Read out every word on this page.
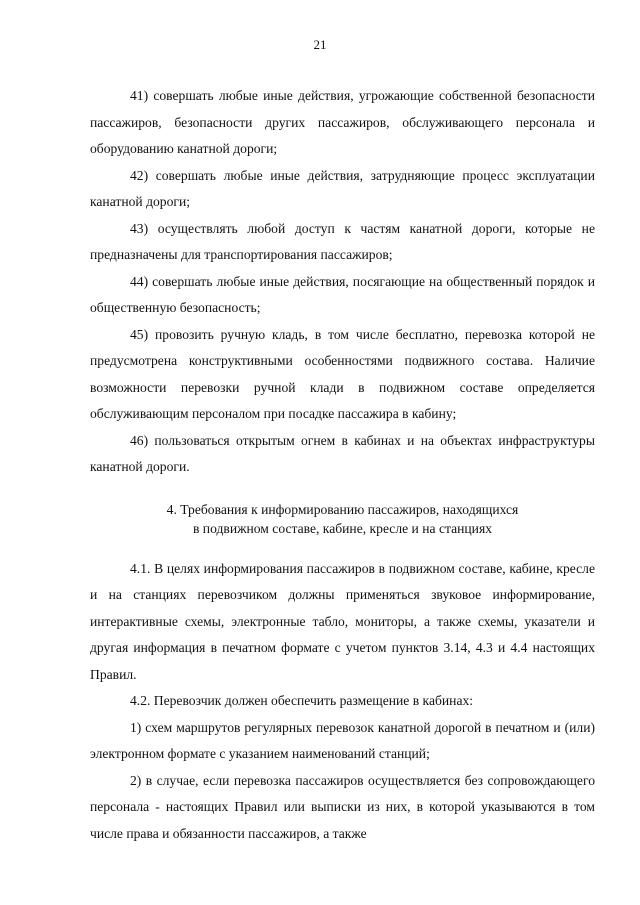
21

41) совершать любые иные действия, угрожающие собственной безопасности пассажиров, безопасности других пассажиров, обслуживающего персонала и оборудованию канатной дороги;

42) совершать любые иные действия, затрудняющие процесс эксплуатации канатной дороги;

43) осуществлять любой доступ к частям канатной дороги, которые не предназначены для транспортирования пассажиров;

44) совершать любые иные действия, посягающие на общественный порядок и общественную безопасность;

45) провозить ручную кладь, в том числе бесплатно, перевозка которой не предусмотрена конструктивными особенностями подвижного состава. Наличие возможности перевозки ручной клади в подвижном составе определяется обслуживающим персоналом при посадке пассажира в кабину;

46) пользоваться открытым огнем в кабинах и на объектах инфраструктуры канатной дороги.

4. Требования к информированию пассажиров, находящихся
в подвижном составе, кабине, кресле и на станциях

4.1. В целях информирования пассажиров в подвижном составе, кабине, кресле и на станциях перевозчиком должны применяться звуковое информирование, интерактивные схемы, электронные табло, мониторы, а также схемы, указатели и другая информация в печатном формате с учетом пунктов 3.14, 4.3 и 4.4 настоящих Правил.

4.2. Перевозчик должен обеспечить размещение в кабинах:

1) схем маршрутов регулярных перевозок канатной дорогой в печатном и (или) электронном формате с указанием наименований станций;

2) в случае, если перевозка пассажиров осуществляется без сопровождающего персонала - настоящих Правил или выписки из них, в которой указываются в том числе права и обязанности пассажиров, а также
